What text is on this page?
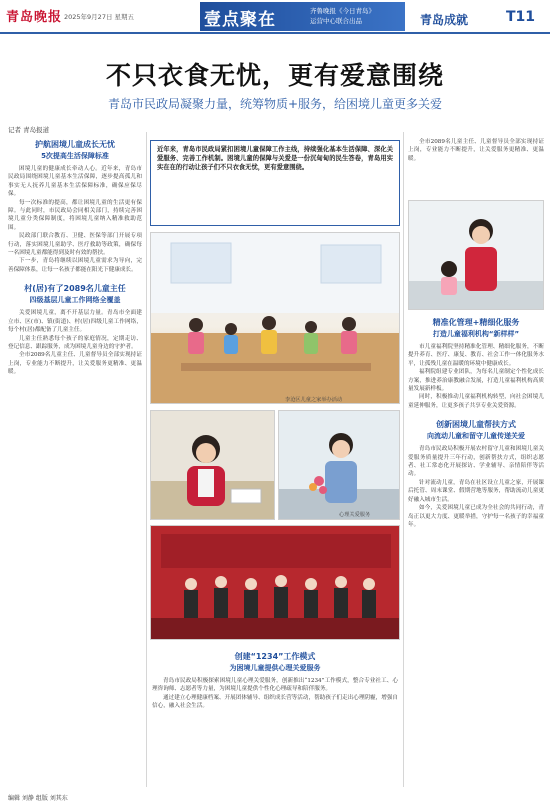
青岛晚报 2025年9月27日 星期五	壹点聚在	齐鲁晚报《今日青岛》
运营中心联合出品	青岛成就	T11
不只衣食无忧，更有爱意围绕
青岛市民政局凝聚力量，统筹物质+服务，给困境儿童更多关爱
记者 青岛报道
护航困境儿童成长无忧
5次提高生活保障标准

困境儿童的健康成长牵动人心。近年来，青岛市民政局围绕困境儿童基本生活保障，逐步提高孤儿和事实无人抚养儿童基本生活保障标准，确保应保尽保。

每一次标准的提高，都让困境儿童的生活更有保障。与此同时，市民政局会同相关部门，持续完善困境儿童分类保障制度，将困境儿童纳入精准救助范围。

民政部门联合教育、卫健、医保等部门开展专项行动，落实困境儿童助学、医疗救助等政策，确保每一名困境儿童都能得到及时有效的帮扶。

下一步，青岛将继续以困境儿童需求为导向，完善保障体系，让每一名孩子都能在阳光下健康成长。

村(居)有了2089名儿童主任
四级基层儿童工作网络全覆盖

关爱困境儿童，离不开基层力量。青岛市全面建立市、区(市)、镇(街道)、村(居)四级儿童工作网络，每个村(居)都配备了儿童主任。

儿童主任熟悉每个孩子的家庭情况，定期走访、登记信息、跟踪服务，成为困境儿童身边的守护者。

全市2089名儿童主任、儿童督导员全部实现持证上岗，专业能力不断提升，让关爱服务更精准、更温暖。

近年来，青岛市民政局紧扣困境儿童保障工作主线，持续强化基本生活保障、深化关爱服务、完善工作机制。困境儿童的保障与关爱是一份沉甸甸的民生答卷，青岛用实实在在的行动让孩子们不只衣食无忧，更有爱意围绕。
李沧区儿童之家举办活动
心理关爱服务
创建“1234”工作模式
为困境儿童提供心理关爱服务

青岛市民政局积极探索困境儿童心理关爱服务，创新推出“1234”工作模式，整合专业社工、心理咨询师、志愿者等力量，为困境儿童提供个性化心理疏导和陪伴服务。

通过建立心理健康档案、开展团体辅导、组织成长营等活动，帮助孩子们走出心理阴霾，增强自信心，融入社会生活。

全市2089名儿童主任、儿童督导员全部实现持证上岗，专业能力不断提升，让关爱服务更精准、更温暖。

精准化管理+精细化服务
打造儿童福利机构“新样样”

市儿童福利院坚持精准化管理、精细化服务，不断提升养育、医疗、康复、教育、社会工作一体化服务水平，让孤残儿童在温暖的环境中健康成长。

福利院组建专业团队，为每名儿童制定个性化成长方案，推进养治康教融合发展，打造儿童福利机构高质量发展新样板。

同时，积极推动儿童福利机构转型，向社会困境儿童延伸服务，让更多孩子共享专业关爱资源。

创新困境儿童帮扶方式
向流动儿童和留守儿童传递关爱

青岛市民政局积极开展农村留守儿童和困境儿童关爱服务质量提升三年行动，创新帮扶方式，组织志愿者、社工常态化开展探访、学业辅导、亲情陪伴等活动。

针对流动儿童，青岛在社区设立儿童之家，开展课后托管、周末课堂、假期营地等服务，帮助流动儿童更好融入城市生活。

如今，关爱困境儿童已成为全社会的共同行动，青岛正以更大力度、更暖举措，守护每一名孩子的幸福童年。

编辑 刘静 组版 刘其东
